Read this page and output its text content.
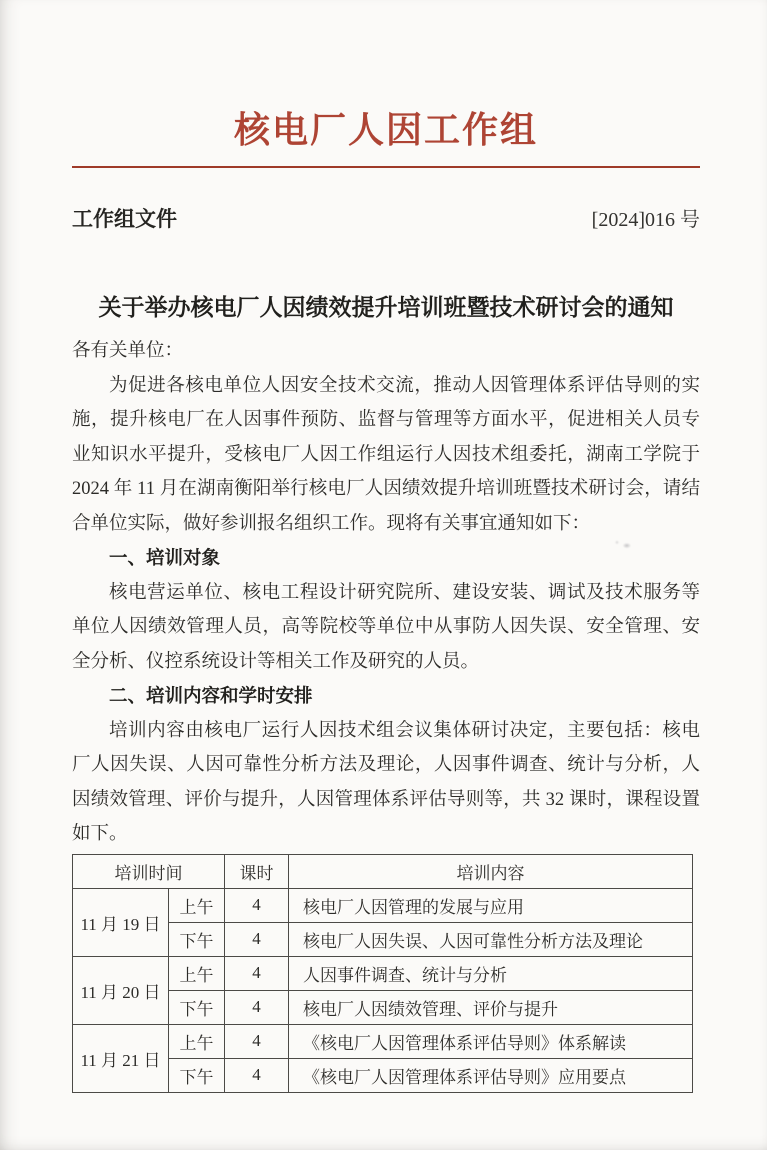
核电厂人因工作组
工作组文件	[2024]016 号
关于举办核电厂人因绩效提升培训班暨技术研讨会的通知

各有关单位：

为促进各核电单位人因安全技术交流，推动人因管理体系评估导则的实施，提升核电厂在人因事件预防、监督与管理等方面水平，促进相关人员专业知识水平提升，受核电厂人因工作组运行人因技术组委托，湖南工学院于 2024 年 11 月在湖南衡阳举行核电厂人因绩效提升培训班暨技术研讨会，请结合单位实际，做好参训报名组织工作。现将有关事宜通知如下：

一、培训对象

核电营运单位、核电工程设计研究院所、建设安装、调试及技术服务等单位人因绩效管理人员，高等院校等单位中从事防人因失误、安全管理、安全分析、仪控系统设计等相关工作及研究的人员。

二、培训内容和学时安排

培训内容由核电厂运行人因技术组会议集体研讨决定，主要包括：核电厂人因失误、人因可靠性分析方法及理论，人因事件调查、统计与分析，人因绩效管理、评价与提升，人因管理体系评估导则等，共 32 课时，课程设置如下。

培训时间		课时	培训内容
11 月 19 日	上午	4	核电厂人因管理的发展与应用
	下午	4	核电厂人因失误、人因可靠性分析方法及理论
11 月 20 日	上午	4	人因事件调查、统计与分析
	下午	4	核电厂人因绩效管理、评价与提升
11 月 21 日	上午	4	《核电厂人因管理体系评估导则》体系解读
	下午	4	《核电厂人因管理体系评估导则》应用要点
